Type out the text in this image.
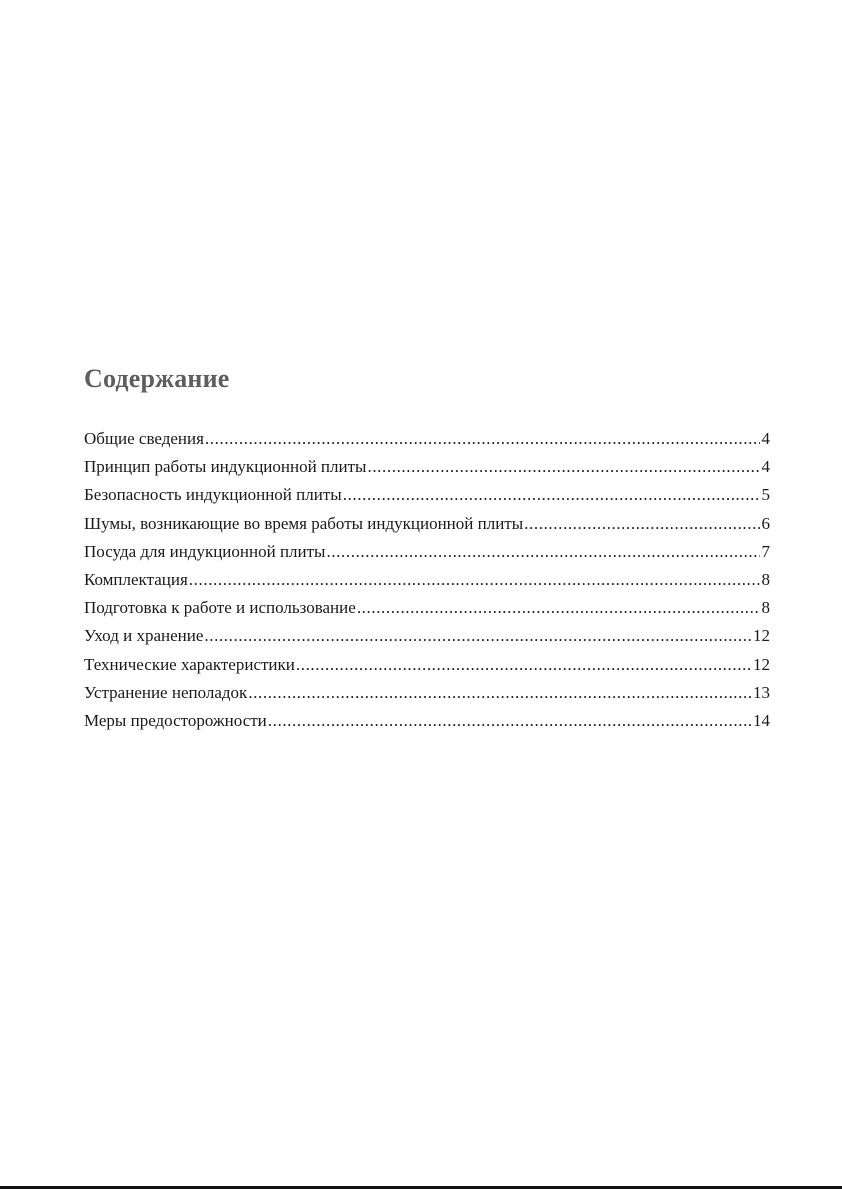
Содержание
Общие сведения .....	4
Принцип работы индукционной плиты .....	4
Безопасность индукционной плиты .....	5
Шумы, возникающие во время работы индукционной плиты .....	6
Посуда для индукционной плиты .....	7
Комплектация .....	8
Подготовка к работе и использование .....	8
Уход и хранение .....	12
Технические характеристики .....	12
Устранение неполадок .....	13
Меры предосторожности .....	14
